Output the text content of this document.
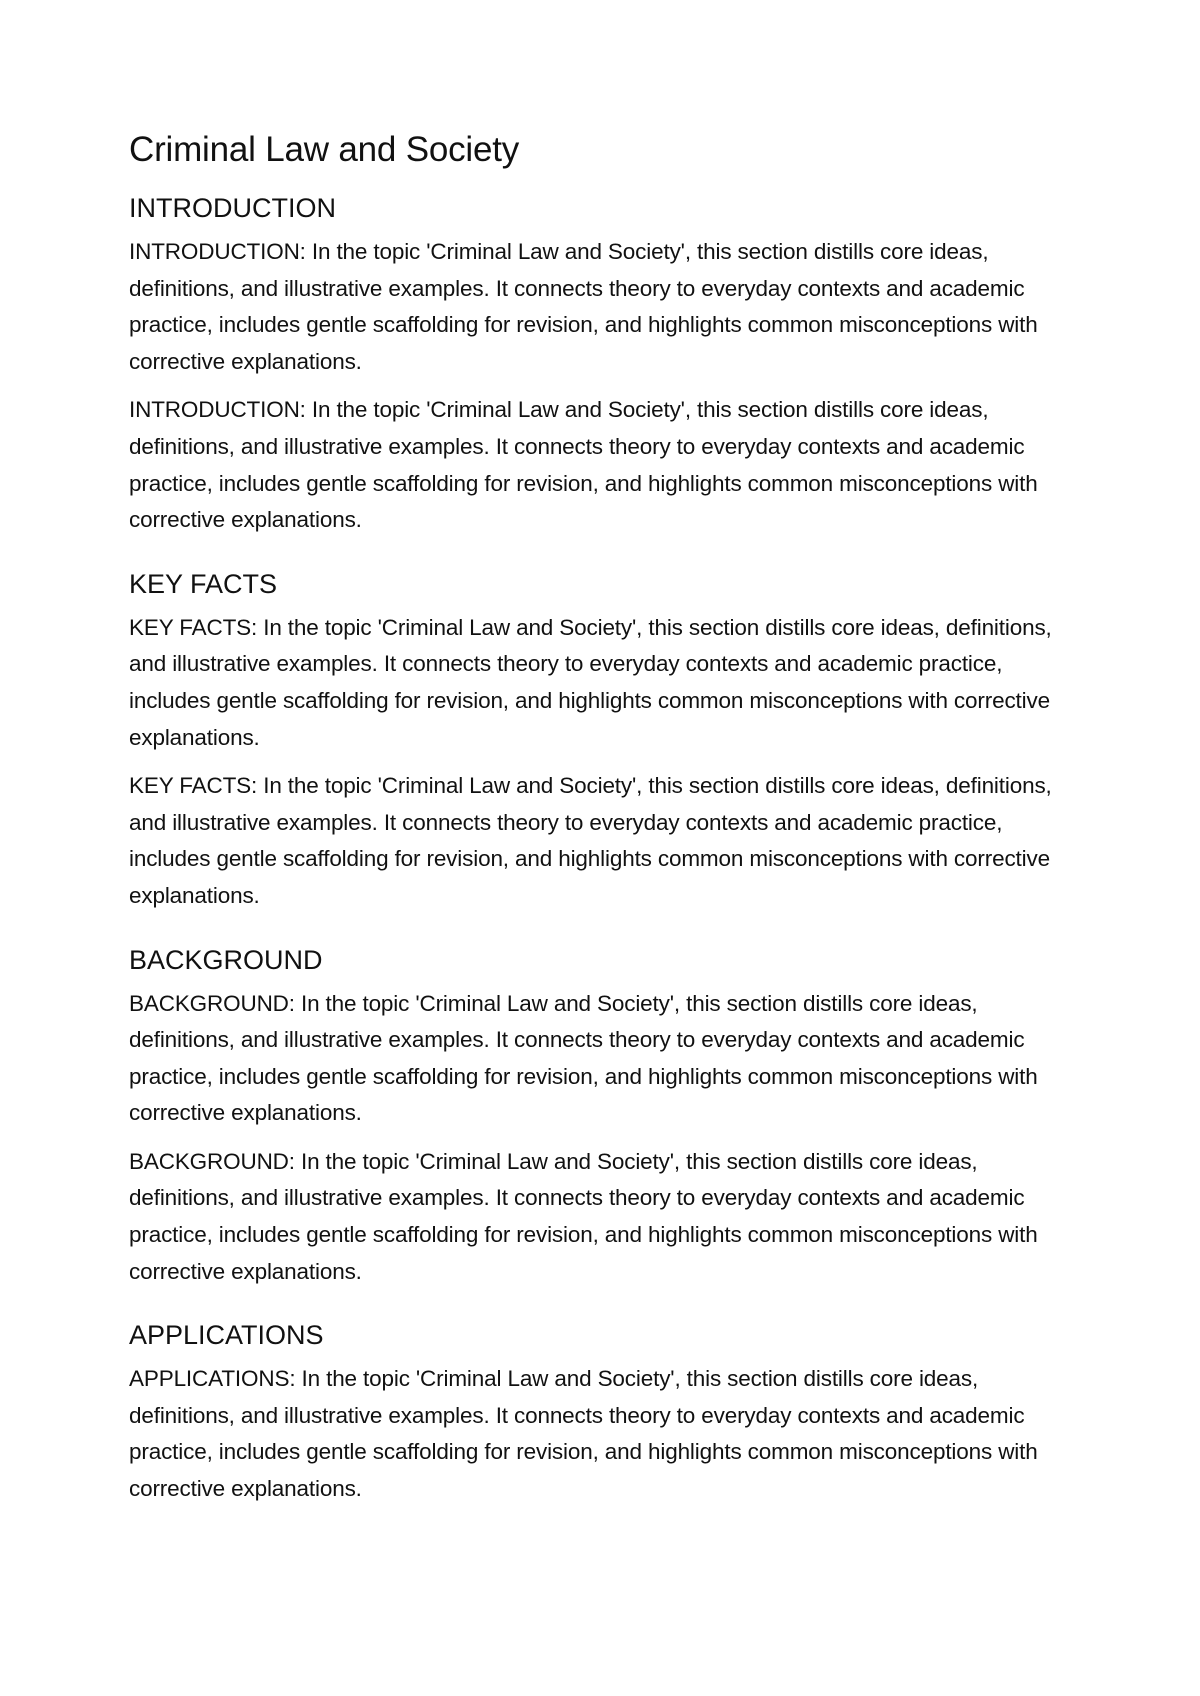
Criminal Law and Society
INTRODUCTION

INTRODUCTION: In the topic 'Criminal Law and Society', this section distills core ideas, definitions, and illustrative examples. It connects theory to everyday contexts and academic practice, includes gentle scaffolding for revision, and highlights common misconceptions with corrective explanations.

INTRODUCTION: In the topic 'Criminal Law and Society', this section distills core ideas, definitions, and illustrative examples. It connects theory to everyday contexts and academic practice, includes gentle scaffolding for revision, and highlights common misconceptions with corrective explanations.

KEY FACTS

KEY FACTS: In the topic 'Criminal Law and Society', this section distills core ideas, definitions, and illustrative examples. It connects theory to everyday contexts and academic practice, includes gentle scaffolding for revision, and highlights common misconceptions with corrective explanations.

KEY FACTS: In the topic 'Criminal Law and Society', this section distills core ideas, definitions, and illustrative examples. It connects theory to everyday contexts and academic practice, includes gentle scaffolding for revision, and highlights common misconceptions with corrective explanations.

BACKGROUND

BACKGROUND: In the topic 'Criminal Law and Society', this section distills core ideas, definitions, and illustrative examples. It connects theory to everyday contexts and academic practice, includes gentle scaffolding for revision, and highlights common misconceptions with corrective explanations.

BACKGROUND: In the topic 'Criminal Law and Society', this section distills core ideas, definitions, and illustrative examples. It connects theory to everyday contexts and academic practice, includes gentle scaffolding for revision, and highlights common misconceptions with corrective explanations.

APPLICATIONS

APPLICATIONS: In the topic 'Criminal Law and Society', this section distills core ideas, definitions, and illustrative examples. It connects theory to everyday contexts and academic practice, includes gentle scaffolding for revision, and highlights common misconceptions with corrective explanations.
